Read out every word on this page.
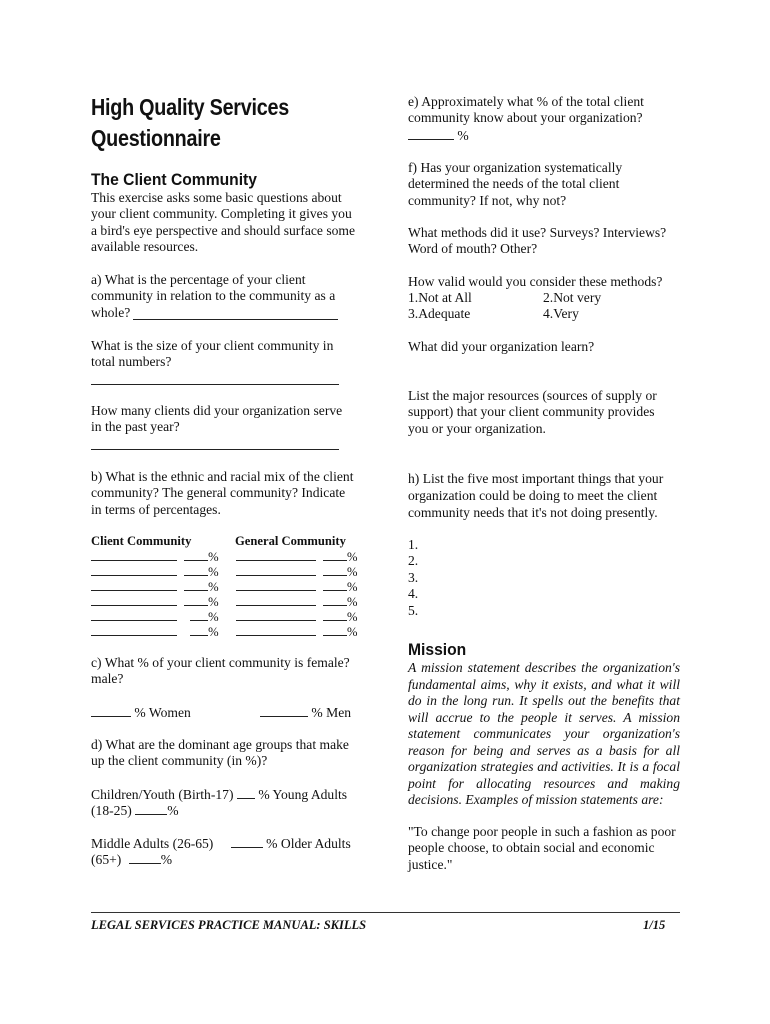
High Quality Services
Questionnaire
The Client Community
This exercise asks some basic questions about
your client community. Completing it gives you
a bird's eye perspective and should surface some
available resources.
a) What is the percentage of your client
community in relation to the community as a
whole?
What is the size of your client community in
total numbers?
How many clients did your organization serve
in the past year?
b) What is the ethnic and racial mix of the client
community? The general community? Indicate
in terms of percentages.
Client Community	General Community
%	%
%	%
%	%
%	%
%	%
%	%
c) What % of your client community is female?
male?
% Women	% Men
d) What are the dominant age groups that make
up the client community (in %)?
Children/Youth (Birth-17) % Young Adults
(18-25)	%
Middle Adults (26-65)	% Older Adults
(65+)	%
e) Approximately what % of the total client
community know about your organization?
%
f) Has your organization systematically
determined the needs of the total client
community? If not, why not?
What methods did it use? Surveys? Interviews?
Word of mouth? Other?
How valid would you consider these methods?
1.Not at All	2.Not very
3.Adequate	4.Very
What did your organization learn?
List the major resources (sources of supply or
support) that your client community provides
you or your organization.
h) List the five most important things that your
organization could be doing to meet the client
community needs that it's not doing presently.
1.
2.
3.
4.
5.
Mission
A mission statement describes the organization's fundamental aims, why it exists, and what it will do in the long run. It spells out the benefits that will accrue to the people it serves. A mission statement communicates your organization's reason for being and serves as a basis for all organization strategies and activities. It is a focal point for allocating resources and making decisions. Examples of mission statements are:
"To change poor people in such a fashion as poor
people choose, to obtain social and economic
justice."
LEGAL SERVICES PRACTICE MANUAL: SKILLS	1/15
